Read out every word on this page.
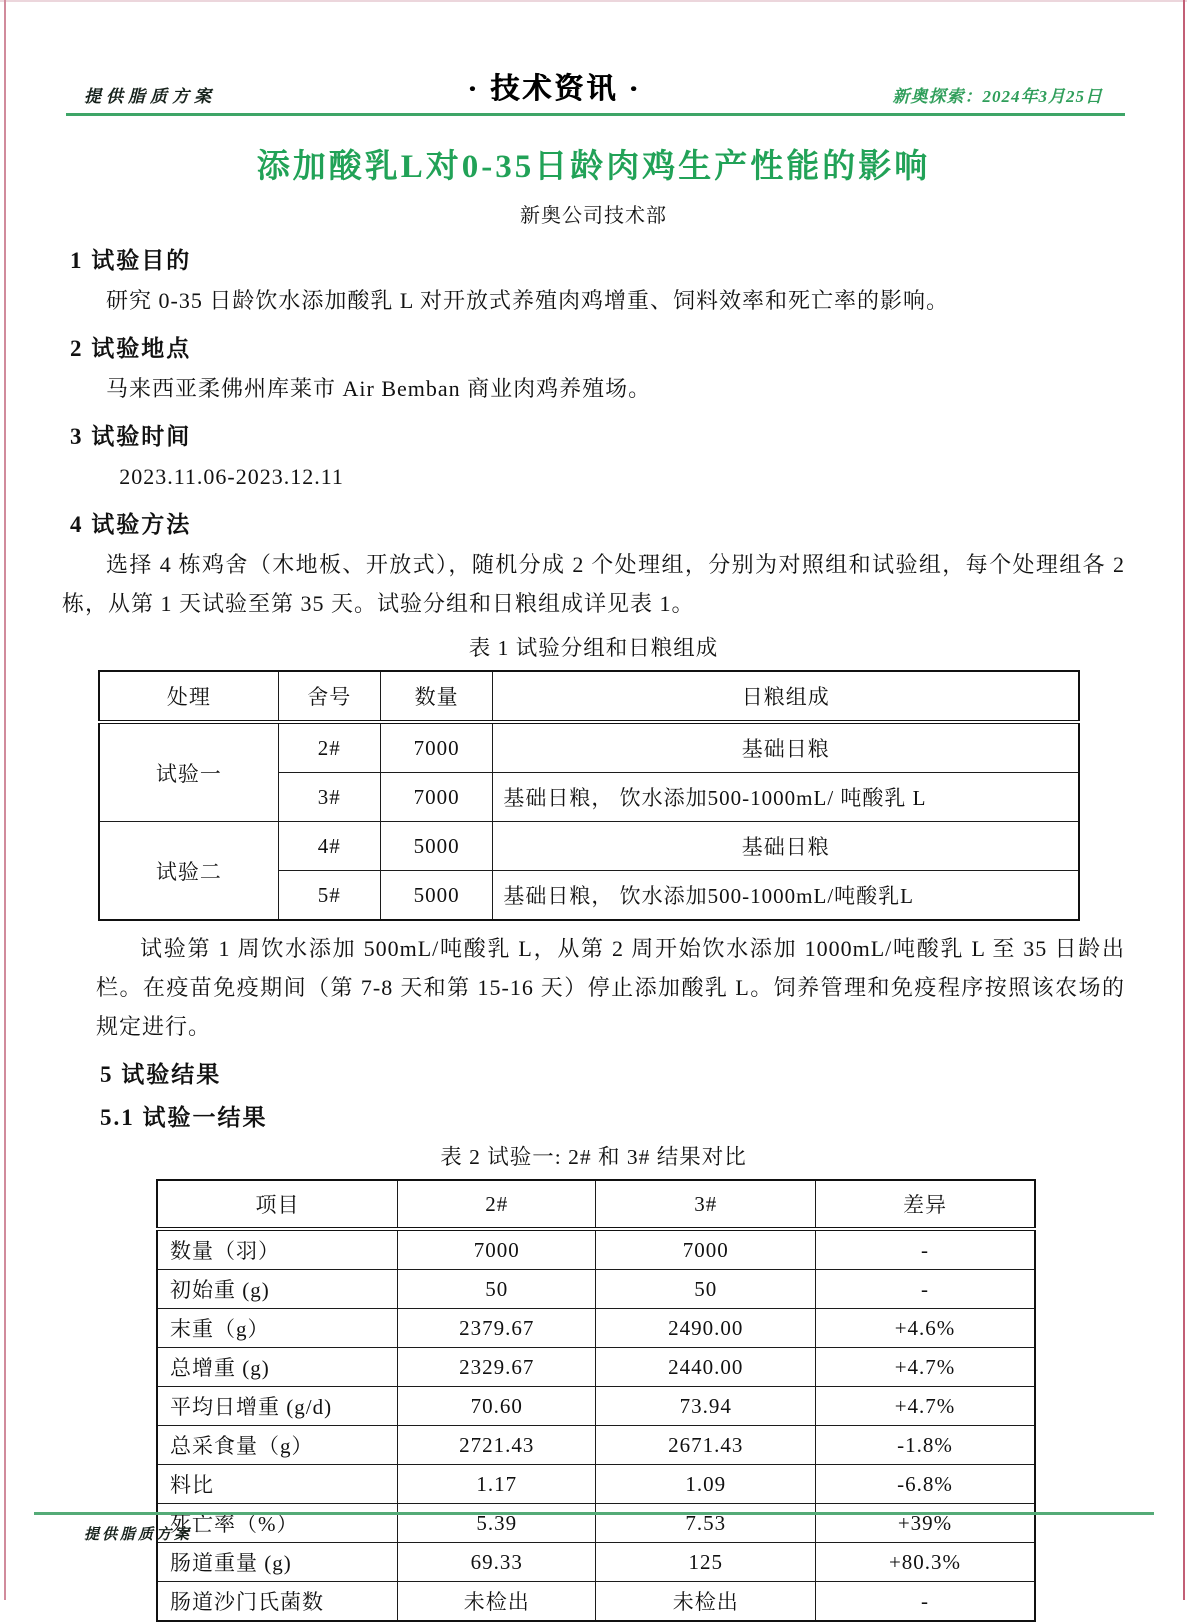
提供脂质方案	· 技术资讯 ·	新奥探索：2024年3月25日
添加酸乳L对0-35日龄肉鸡生产性能的影响
新奥公司技术部
1 试验目的

研究 0-35 日龄饮水添加酸乳 L 对开放式养殖肉鸡增重、饲料效率和死亡率的影响。

2 试验地点

马来西亚柔佛州库莱市 Air Bemban 商业肉鸡养殖场。

3 试验时间

2023.11.06-2023.12.11

4 试验方法

选择 4 栋鸡舍（木地板、开放式），随机分成 2 个处理组，分别为对照组和试验组，每个处理组各 2 栋，从第 1 天试验至第 35 天。试验分组和日粮组成详见表 1。

表 1 试验分组和日粮组成
处理	舍号	数量	日粮组成
试验一	2#	7000	基础日粮
	3#	7000	基础日粮， 饮水添加500-1000mL/ 吨酸乳 L
试验二	4#	5000	基础日粮
	5#	5000	基础日粮， 饮水添加500-1000mL/吨酸乳L

试验第 1 周饮水添加 500mL/吨酸乳 L，从第 2 周开始饮水添加 1000mL/吨酸乳 L 至 35 日龄出栏。在疫苗免疫期间（第 7-8 天和第 15-16 天）停止添加酸乳 L。饲养管理和免疫程序按照该农场的规定进行。

5 试验结果
5.1 试验一结果
表 2 试验一: 2# 和 3# 结果对比
项目	2#	3#	差异
数量（羽）	7000	7000	-
初始重 (g)	50	50	-
末重（g）	2379.67	2490.00	+4.6%
总增重 (g)	2329.67	2440.00	+4.7%
平均日增重 (g/d)	70.60	73.94	+4.7%
总采食量（g）	2721.43	2671.43	-1.8%
料比	1.17	1.09	-6.8%
死亡率（%）	5.39	7.53	+39%
肠道重量 (g)	69.33	125	+80.3%
肠道沙门氏菌数	未检出	未检出	-
提供脂质方案
